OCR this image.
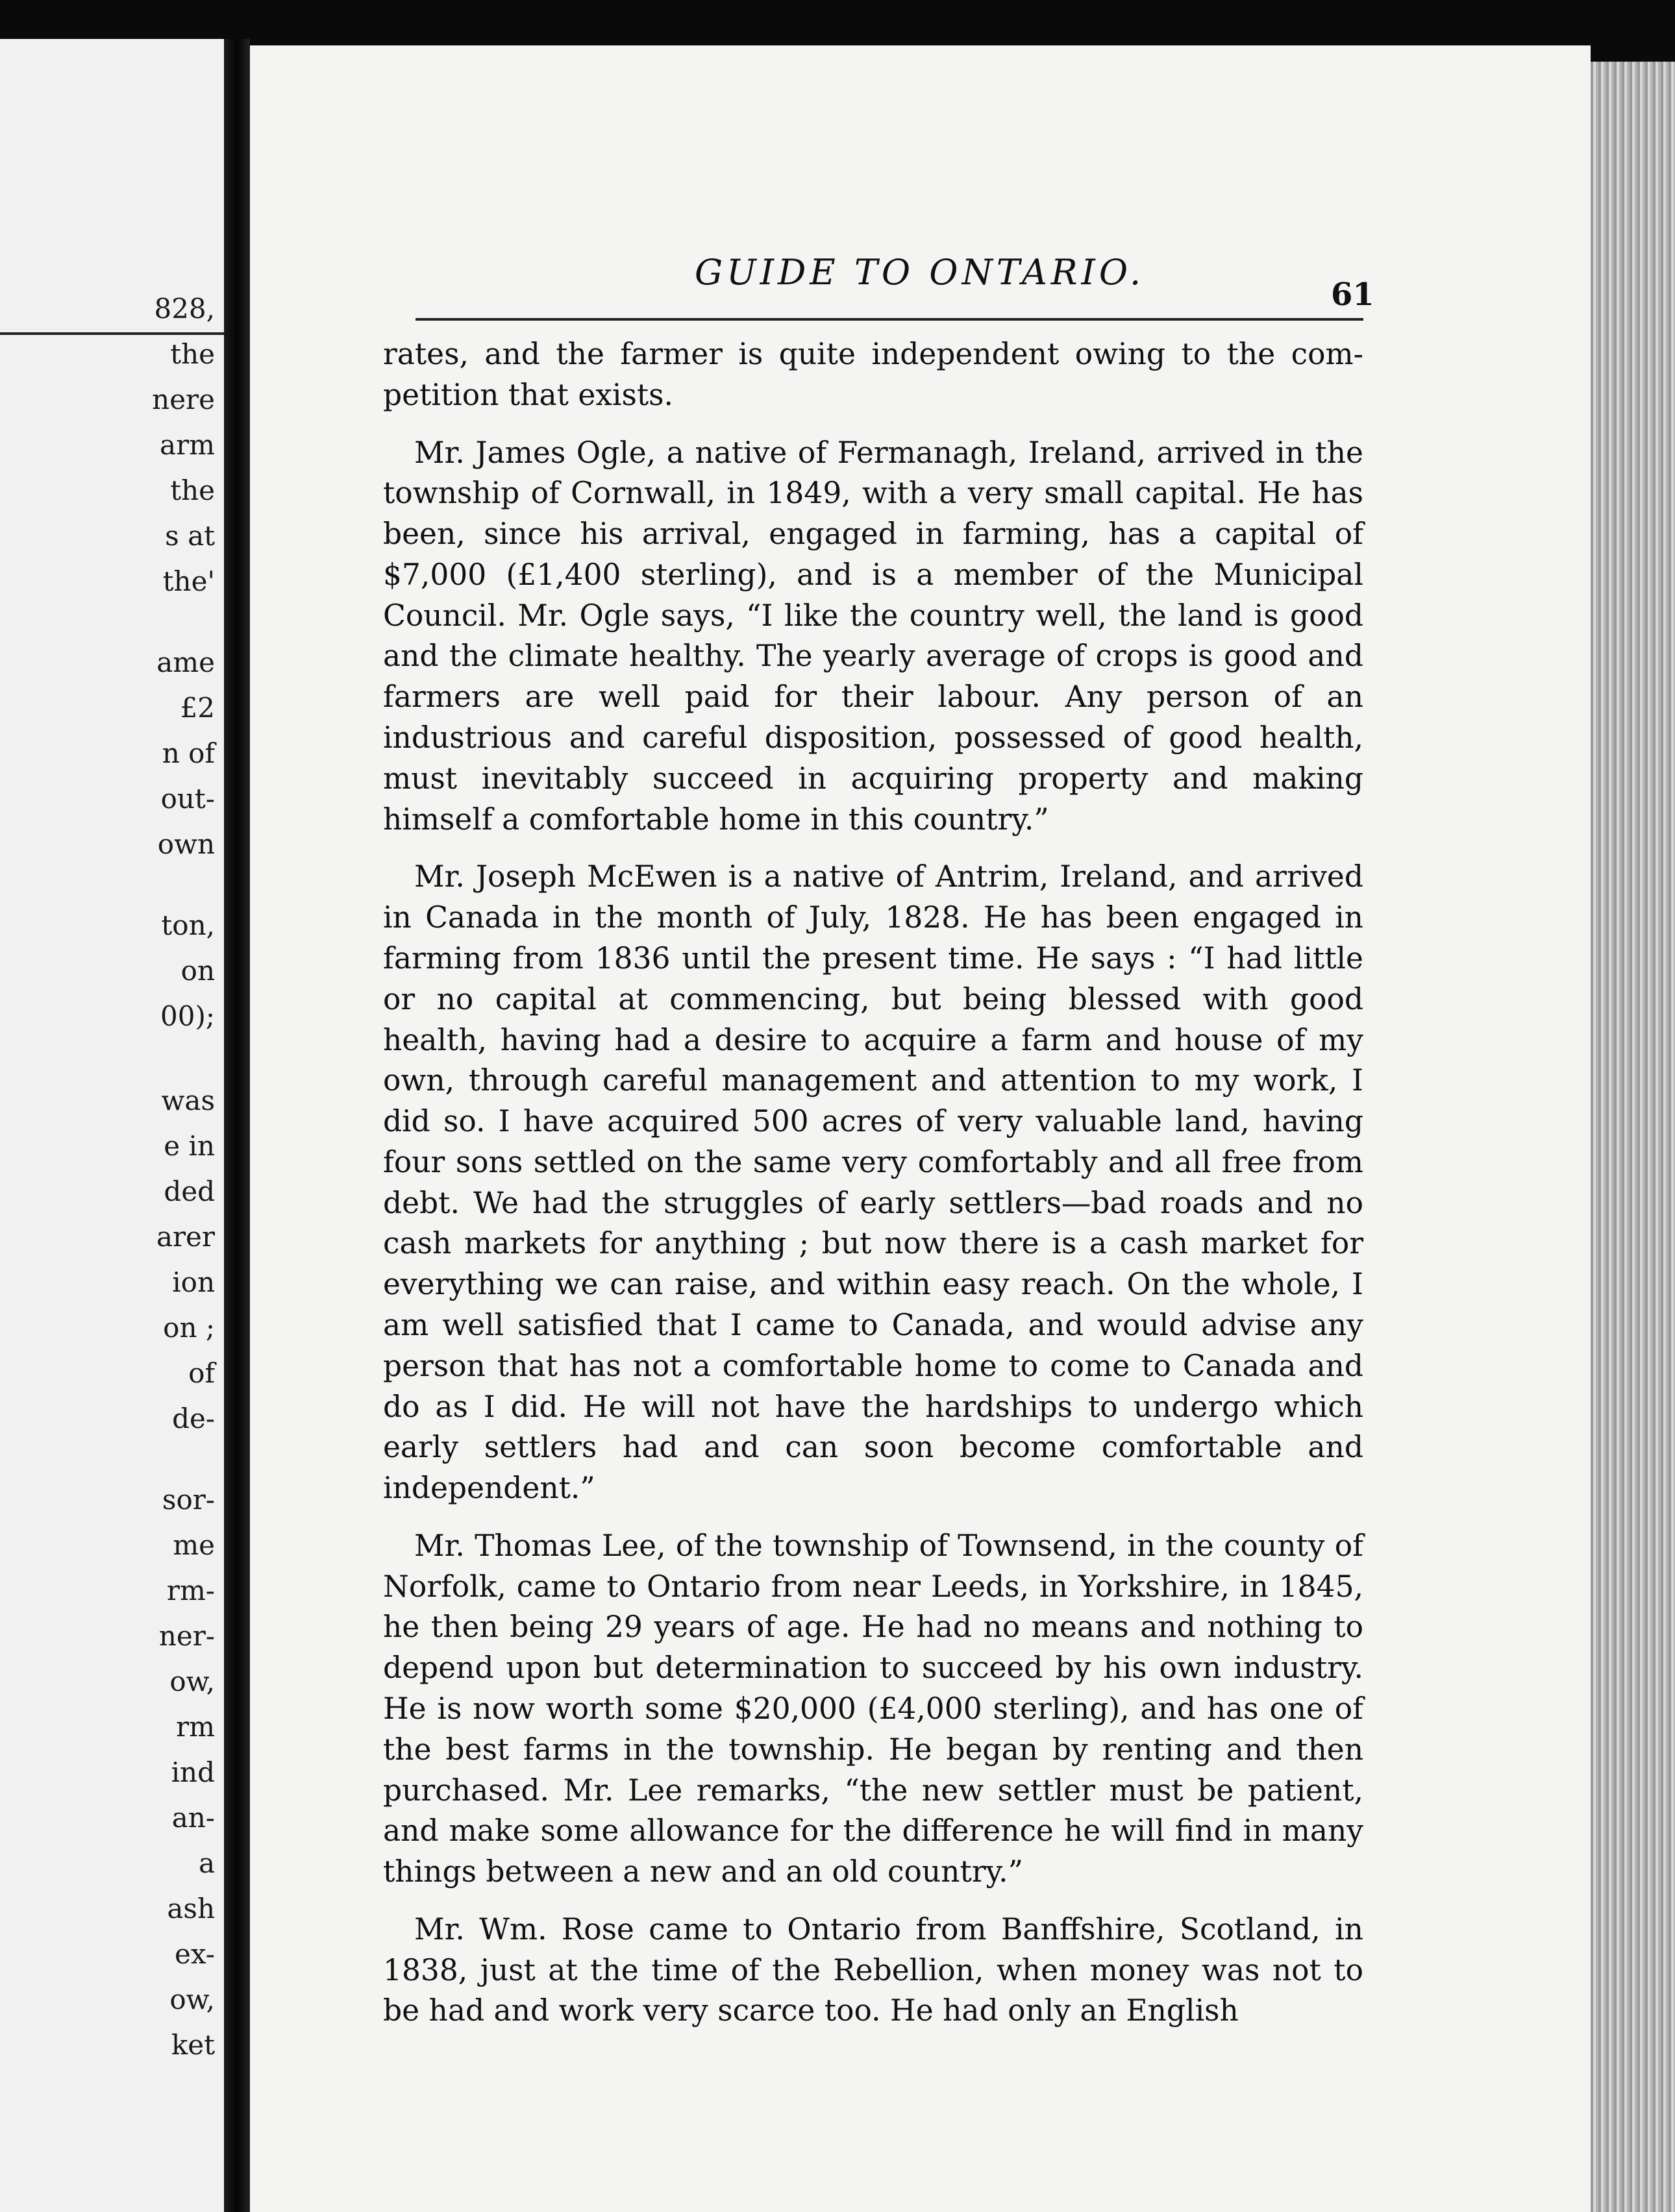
828,
the
nere
arm
the
s at
the'
ame
£2
n of
out-
own
ton,
on
00);
was
e in
ded
arer
ion
on ;
of
de-
sor-
me
rm-
ner-
ow,
rm
ind
an-
a
ash
ex-
ow,
ket
GUIDE TO ONTARIO.
61

rates, and the farmer is quite independent owing to the competition that exists.

Mr. James Ogle, a native of Fermanagh, Ireland, arrived in the township of Cornwall, in 1849, with a very small capital. He has been, since his arrival, engaged in farming, has a capital of $7,000 (£1,400 sterling), and is a member of the Municipal Council. Mr. Ogle says, “I like the country well, the land is good and the climate healthy. The yearly average of crops is good and farmers are well paid for their labour. Any person of an industrious and careful disposition, possessed of good health, must inevitably succeed in acquiring property and making himself a comfortable home in this country.”

Mr. Joseph McEwen is a native of Antrim, Ireland, and arrived in Canada in the month of July, 1828. He has been engaged in farming from 1836 until the present time. He says : “I had little or no capital at commencing, but being blessed with good health, having had a desire to acquire a farm and house of my own, through careful management and attention to my work, I did so. I have acquired 500 acres of very valuable land, having four sons settled on the same very comfortably and all free from debt. We had the struggles of early settlers—bad roads and no cash markets for anything ; but now there is a cash market for everything we can raise, and within easy reach. On the whole, I am well satisfied that I came to Canada, and would advise any person that has not a comfortable home to come to Canada and do as I did. He will not have the hardships to undergo which early settlers had and can soon become comfortable and independent.”

Mr. Thomas Lee, of the township of Townsend, in the county of Norfolk, came to Ontario from near Leeds, in Yorkshire, in 1845, he then being 29 years of age. He had no means and nothing to depend upon but determination to succeed by his own industry. He is now worth some $20,000 (£4,000 sterling), and has one of the best farms in the township. He began by renting and then purchased. Mr. Lee remarks, “the new settler must be patient, and make some allowance for the difference he will find in many things between a new and an old country.”

Mr. Wm. Rose came to Ontario from Banffshire, Scotland, in 1838, just at the time of the Rebellion, when money was not to be had and work very scarce too. He had only an English
